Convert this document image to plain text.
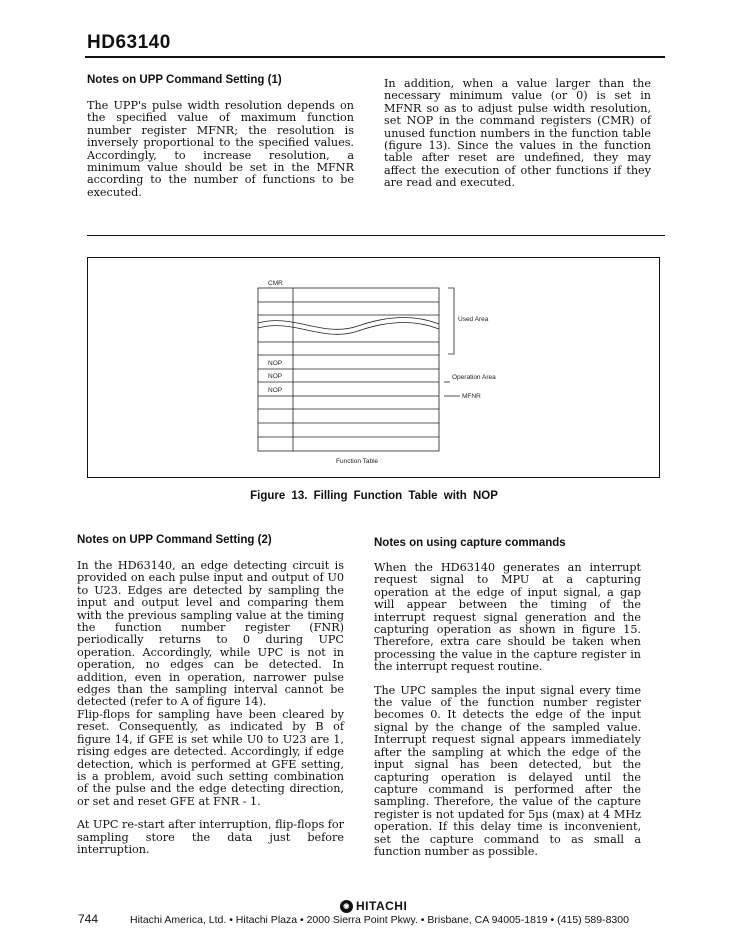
HD63140
Notes on UPP Command Setting (1)

The UPP's pulse width resolution depends on the specified value of maximum function number register MFNR; the resolution is inversely proportional to the specified values. Accordingly, to increase resolution, a minimum value should be set in the MFNR according to the number of functions to be executed.

In addition, when a value larger than the necessary minimum value (or 0) is set in MFNR so as to adjust pulse width resolution, set NOP in the command registers (CMR) of unused function numbers in the function table (figure 13). Since the values in the function table after reset are undefined, they may affect the execution of other functions if they are read and executed.

CMR
NOP
NOP
NOP
Used Area
Operation Area
MFNR
Function Table
Figure 13. Filling Function Table with NOP
Notes on UPP Command Setting (2)

In the HD63140, an edge detecting circuit is provided on each pulse input and output of U0 to U23. Edges are detected by sampling the input and output level and comparing them with the previous sampling value at the timing the function number register (FNR) periodically returns to 0 during UPC operation. Accordingly, while UPC is not in operation, no edges can be detected. In addition, even in operation, narrower pulse edges than the sampling interval cannot be detected (refer to A of figure 14).

Flip-flops for sampling have been cleared by reset. Consequently, as indicated by B of figure 14, if GFE is set while U0 to U23 are 1, rising edges are detected. Accordingly, if edge detection, which is performed at GFE setting, is a problem, avoid such setting combination of the pulse and the edge detecting direction, or set and reset GFE at FNR - 1.

At UPC re-start after interruption, flip-flops for sampling store the data just before interruption.

Notes on using capture commands

When the HD63140 generates an interrupt request signal to MPU at a capturing operation at the edge of input signal, a gap will appear between the timing of the interrupt request signal generation and the capturing operation as shown in figure 15. Therefore, extra care should be taken when processing the value in the capture register in the interrupt request routine.

The UPC samples the input signal every time the value of the function number register becomes 0. It detects the edge of the input signal by the change of the sampled value. Interrupt request signal appears immediately after the sampling at which the edge of the input signal has been detected, but the capturing operation is delayed until the capture command is performed after the sampling. Therefore, the value of the capture register is not updated for 5µs (max) at 4 MHz operation. If this delay time is inconvenient, set the capture command to as small a function number as possible.

◉ HITACHI
744	Hitachi America, Ltd. • Hitachi Plaza • 2000 Sierra Point Pkwy. • Brisbane, CA 94005-1819 • (415) 589-8300
